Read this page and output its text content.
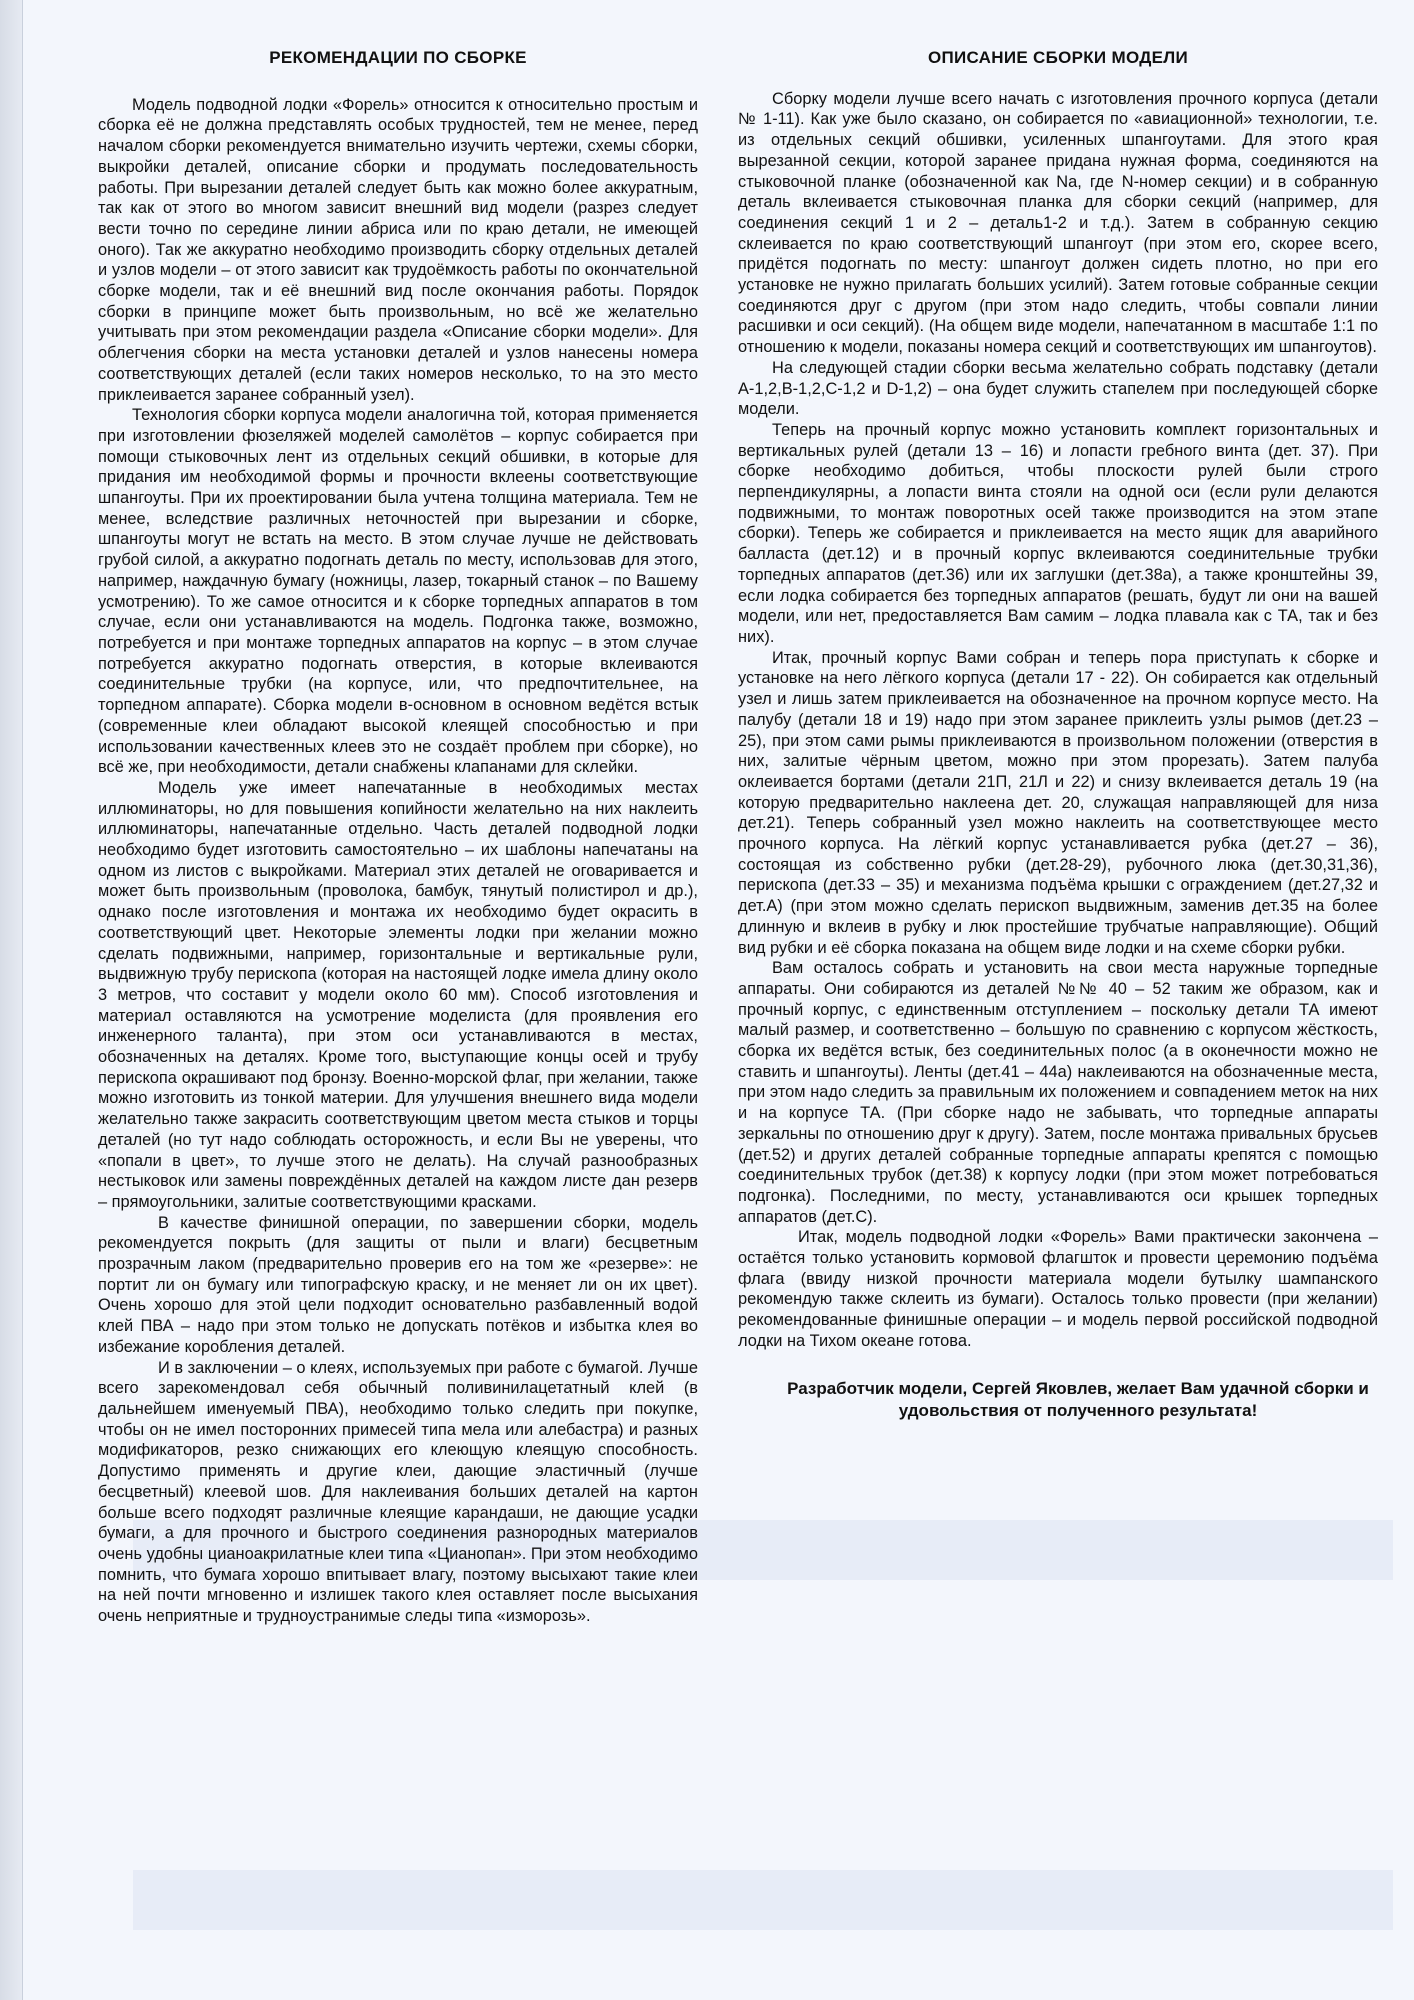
РЕКОМЕНДАЦИИ ПО СБОРКЕ

Модель подводной лодки «Форель» относится к относительно простым и сборка её не должна представлять особых трудностей, тем не менее, перед началом сборки рекомендуется внимательно изучить чертежи, схемы сборки, выкройки деталей, описание сборки и продумать последовательность работы. При вырезании деталей следует быть как можно более аккуратным, так как от этого во многом зависит внешний вид модели (разрез следует вести точно по середине линии абриса или по краю детали, не имеющей оного). Так же аккуратно необходимо производить сборку отдельных деталей и узлов модели – от этого зависит как трудоёмкость работы по окончательной сборке модели, так и её внешний вид после окончания работы. Порядок сборки в принципе может быть произвольным, но всё же желательно учитывать при этом рекомендации раздела «Описание сборки модели». Для облегчения сборки на места установки деталей и узлов нанесены номера соответствующих деталей (если таких номеров несколько, то на это место приклеивается заранее собранный узел).

Технология сборки корпуса модели аналогична той, которая применяется при изготовлении фюзеляжей моделей самолётов – корпус собирается при помощи стыковочных лент из отдельных секций обшивки, в которые для придания им необходимой формы и прочности вклеены соответствующие шпангоуты. При их проектировании была учтена толщина материала. Тем не менее, вследствие различных неточностей при вырезании и сборке, шпангоуты могут не встать на место. В этом случае лучше не действовать грубой силой, а аккуратно подогнать деталь по месту, использовав для этого, например, наждачную бумагу (ножницы, лазер, токарный станок – по Вашему усмотрению). То же самое относится и к сборке торпедных аппаратов в том случае, если они устанавливаются на модель. Подгонка также, возможно, потребуется и при монтаже торпедных аппаратов на корпус – в этом случае потребуется аккуратно подогнать отверстия, в которые вклеиваются соединительные трубки (на корпусе, или, что предпочтительнее, на торпедном аппарате). Сборка модели в-основном в основном ведётся встык (современные клеи обладают высокой клеящей способностью и при использовании качественных клеев это не создаёт проблем при сборке), но всё же, при необходимости, детали снабжены клапанами для склейки.

Модель уже имеет напечатанные в необходимых местах иллюминаторы, но для повышения копийности желательно на них наклеить иллюминаторы, напечатанные отдельно. Часть деталей подводной лодки необходимо будет изготовить самостоятельно – их шаблоны напечатаны на одном из листов с выкройками. Материал этих деталей не оговаривается и может быть произвольным (проволока, бамбук, тянутый полистирол и др.), однако после изготовления и монтажа их необходимо будет окрасить в соответствующий цвет. Некоторые элементы лодки при желании можно сделать подвижными, например, горизонтальные и вертикальные рули, выдвижную трубу перископа (которая на настоящей лодке имела длину около 3 метров, что составит у модели около 60 мм). Способ изготовления и материал оставляются на усмотрение моделиста (для проявления его инженерного таланта), при этом оси устанавливаются в местах, обозначенных на деталях. Кроме того, выступающие концы осей и трубу перископа окрашивают под бронзу. Военно-морской флаг, при желании, также можно изготовить из тонкой материи. Для улучшения внешнего вида модели желательно также закрасить соответствующим цветом места стыков и торцы деталей (но тут надо соблюдать осторожность, и если Вы не уверены, что «попали в цвет», то лучше этого не делать). На случай разнообразных нестыковок или замены повреждённых деталей на каждом листе дан резерв – прямоугольники, залитые соответствующими красками.

В качестве финишной операции, по завершении сборки, модель рекомендуется покрыть (для защиты от пыли и влаги) бесцветным прозрачным лаком (предварительно проверив его на том же «резерве»: не портит ли он бумагу или типографскую краску, и не меняет ли он их цвет). Очень хорошо для этой цели подходит основательно разбавленный водой клей ПВА – надо при этом только не допускать потёков и избытка клея во избежание коробления деталей.

И в заключении – о клеях, используемых при работе с бумагой. Лучше всего зарекомендовал себя обычный поливинилацетатный клей (в дальнейшем именуемый ПВА), необходимо только следить при покупке, чтобы он не имел посторонних примесей типа мела или алебастра) и разных модификаторов, резко снижающих его клеющую клеящую способность. Допустимо применять и другие клеи, дающие эластичный (лучше бесцветный) клеевой шов. Для наклеивания больших деталей на картон больше всего подходят различные клеящие карандаши, не дающие усадки бумаги, а для прочного и быстрого соединения разнородных материалов очень удобны цианоакрилатные клеи типа «Цианопан». При этом необходимо помнить, что бумага хорошо впитывает влагу, поэтому высыхают такие клеи на ней почти мгновенно и излишек такого клея оставляет после высыхания очень неприятные и трудноустранимые следы типа «изморозь».

ОПИСАНИЕ СБОРКИ МОДЕЛИ

Сборку модели лучше всего начать с изготовления прочного корпуса (детали № 1-11). Как уже было сказано, он собирается по «авиационной» технологии, т.е. из отдельных секций обшивки, усиленных шпангоутами. Для этого края вырезанной секции, которой заранее придана нужная форма, соединяются на стыковочной планке (обозначенной как Na, где N-номер секции) и в собранную деталь вклеивается стыковочная планка для сборки секций (например, для соединения секций 1 и 2 – деталь1-2 и т.д.). Затем в собранную секцию склеивается по краю соответствующий шпангоут (при этом его, скорее всего, придётся подогнать по месту: шпангоут должен сидеть плотно, но при его установке не нужно прилагать больших усилий). Затем готовые собранные секции соединяются друг с другом (при этом надо следить, чтобы совпали линии расшивки и оси секций). (На общем виде модели, напечатанном в масштабе 1:1 по отношению к модели, показаны номера секций и соответствующих им шпангоутов).

На следующей стадии сборки весьма желательно собрать подставку (детали А-1,2,В-1,2,С-1,2 и D-1,2) – она будет служить стапелем при последующей сборке модели.

Теперь на прочный корпус можно установить комплект горизонтальных и вертикальных рулей (детали 13 – 16) и лопасти гребного винта (дет. 37). При сборке необходимо добиться, чтобы плоскости рулей были строго перпендикулярны, а лопасти винта стояли на одной оси (если рули делаются подвижными, то монтаж поворотных осей также производится на этом этапе сборки). Теперь же собирается и приклеивается на место ящик для аварийного балласта (дет.12) и в прочный корпус вклеиваются соединительные трубки торпедных аппаратов (дет.36) или их заглушки (дет.38а), а также кронштейны 39, если лодка собирается без торпедных аппаратов (решать, будут ли они на вашей модели, или нет, предоставляется Вам самим – лодка плавала как с ТА, так и без них).

Итак, прочный корпус Вами собран и теперь пора приступать к сборке и установке на него лёгкого корпуса (детали 17 - 22). Он собирается как отдельный узел и лишь затем приклеивается на обозначенное на прочном корпусе место. На палубу (детали 18 и 19) надо при этом заранее приклеить узлы рымов (дет.23 – 25), при этом сами рымы приклеиваются в произвольном положении (отверстия в них, залитые чёрным цветом, можно при этом прорезать). Затем палуба оклеивается бортами (детали 21П, 21Л и 22) и снизу вклеивается деталь 19 (на которую предварительно наклеена дет. 20, служащая направляющей для низа дет.21). Теперь собранный узел можно наклеить на соответствующее место прочного корпуса. На лёгкий корпус устанавливается рубка (дет.27 – 36), состоящая из собственно рубки (дет.28-29), рубочного люка (дет.30,31,36), перископа (дет.33 – 35) и механизма подъёма крышки с ограждением (дет.27,32 и дет.А) (при этом можно сделать перископ выдвижным, заменив дет.35 на более длинную и вклеив в рубку и люк простейшие трубчатые направляющие). Общий вид рубки и её сборка показана на общем виде лодки и на схеме сборки рубки.

Вам осталось собрать и установить на свои места наружные торпедные аппараты. Они собираются из деталей №№ 40 – 52 таким же образом, как и прочный корпус, с единственным отступлением – поскольку детали ТА имеют малый размер, и соответственно – большую по сравнению с корпусом жёсткость, сборка их ведётся встык, без соединительных полос (а в оконечности можно не ставить и шпангоуты). Ленты (дет.41 – 44а) наклеиваются на обозначенные места, при этом надо следить за правильным их положением и совпадением меток на них и на корпусе ТА. (При сборке надо не забывать, что торпедные аппараты зеркальны по отношению друг к другу). Затем, после монтажа привальных брусьев (дет.52) и других деталей собранные торпедные аппараты крепятся с помощью соединительных трубок (дет.38) к корпусу лодки (при этом может потребоваться подгонка). Последними, по месту, устанавливаются оси крышек торпедных аппаратов (дет.С).

Итак, модель подводной лодки «Форель» Вами практически закончена – остаётся только установить кормовой флагшток и провести церемонию подъёма флага (ввиду низкой прочности материала модели бутылку шампанского рекомендую также склеить из бумаги). Осталось только провести (при желании) рекомендованные финишные операции – и модель первой российской подводной лодки на Тихом океане готова.

Разработчик модели, Сергей Яковлев, желает Вам удачной сборки и удовольствия от полученного результата!
